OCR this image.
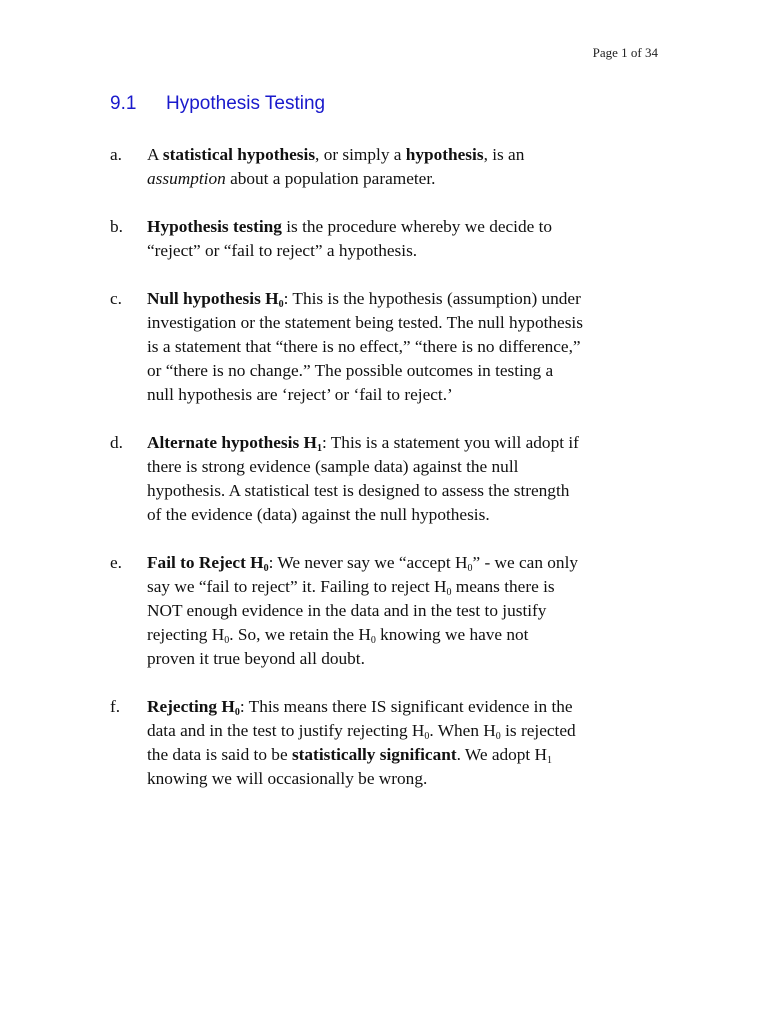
Page 1 of 34
9.1 Hypothesis Testing
a.	A statistical hypothesis, or simply a hypothesis, is an
assumption about a population parameter.
b.	Hypothesis testing is the procedure whereby we decide to
“reject” or “fail to reject” a hypothesis.
c.	Null hypothesis $H_0$: This is the hypothesis (assumption) under
investigation or the statement being tested. The null hypothesis
is a statement that “there is no effect,” “there is no difference,”
or “there is no change.” The possible outcomes in testing a
null hypothesis are ‘reject’ or ‘fail to reject.’
d.	Alternate hypothesis $H_1$: This is a statement you will adopt if
there is strong evidence (sample data) against the null
hypothesis. A statistical test is designed to assess the strength
of the evidence (data) against the null hypothesis.
e.	Fail to Reject $H_0$: We never say we “accept $H_0$” - we can only
say we “fail to reject” it. Failing to reject $H_0$ means there is
NOT enough evidence in the data and in the test to justify
rejecting $H_0$. So, we retain the $H_0$ knowing we have not
proven it true beyond all doubt.
f.	Rejecting $H_0$: This means there IS significant evidence in the
data and in the test to justify rejecting $H_0$. When $H_0$ is rejected
the data is said to be statistically significant. We adopt $H_1$
knowing we will occasionally be wrong.
